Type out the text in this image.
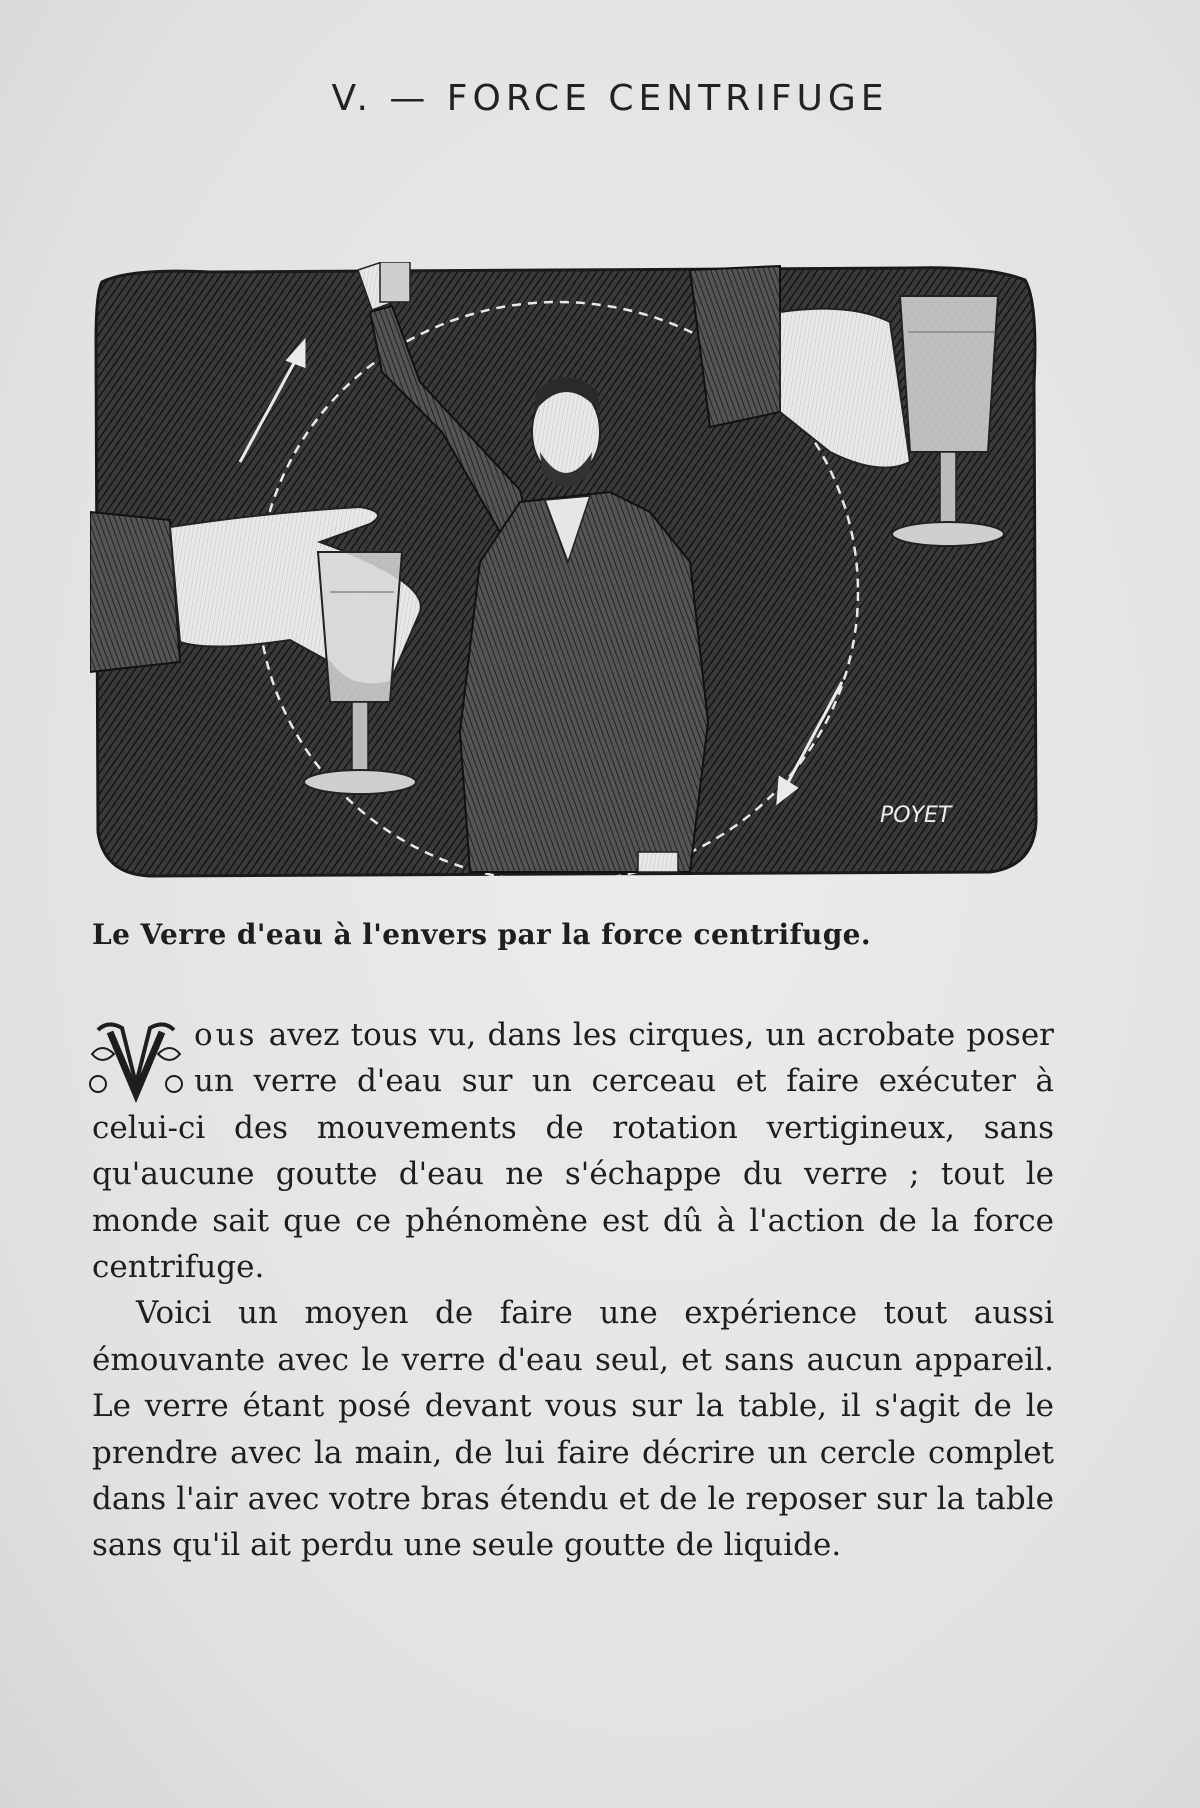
V. — FORCE CENTRIFUGE
POYET
Le Verre d'eau à l'envers par la force centrifuge.

ous avez tous vu, dans les cirques, un acrobate poser un verre d'eau sur un cerceau et faire exécuter à celui-ci des mouvements de rotation vertigineux, sans qu'aucune goutte d'eau ne s'échappe du verre ; tout le monde sait que ce phénomène est dû à l'action de la force centrifuge.

Voici un moyen de faire une expérience tout aussi émouvante avec le verre d'eau seul, et sans aucun appareil. Le verre étant posé devant vous sur la table, il s'agit de le prendre avec la main, de lui faire décrire un cercle complet dans l'air avec votre bras étendu et de le reposer sur la table sans qu'il ait perdu une seule goutte de liquide.
